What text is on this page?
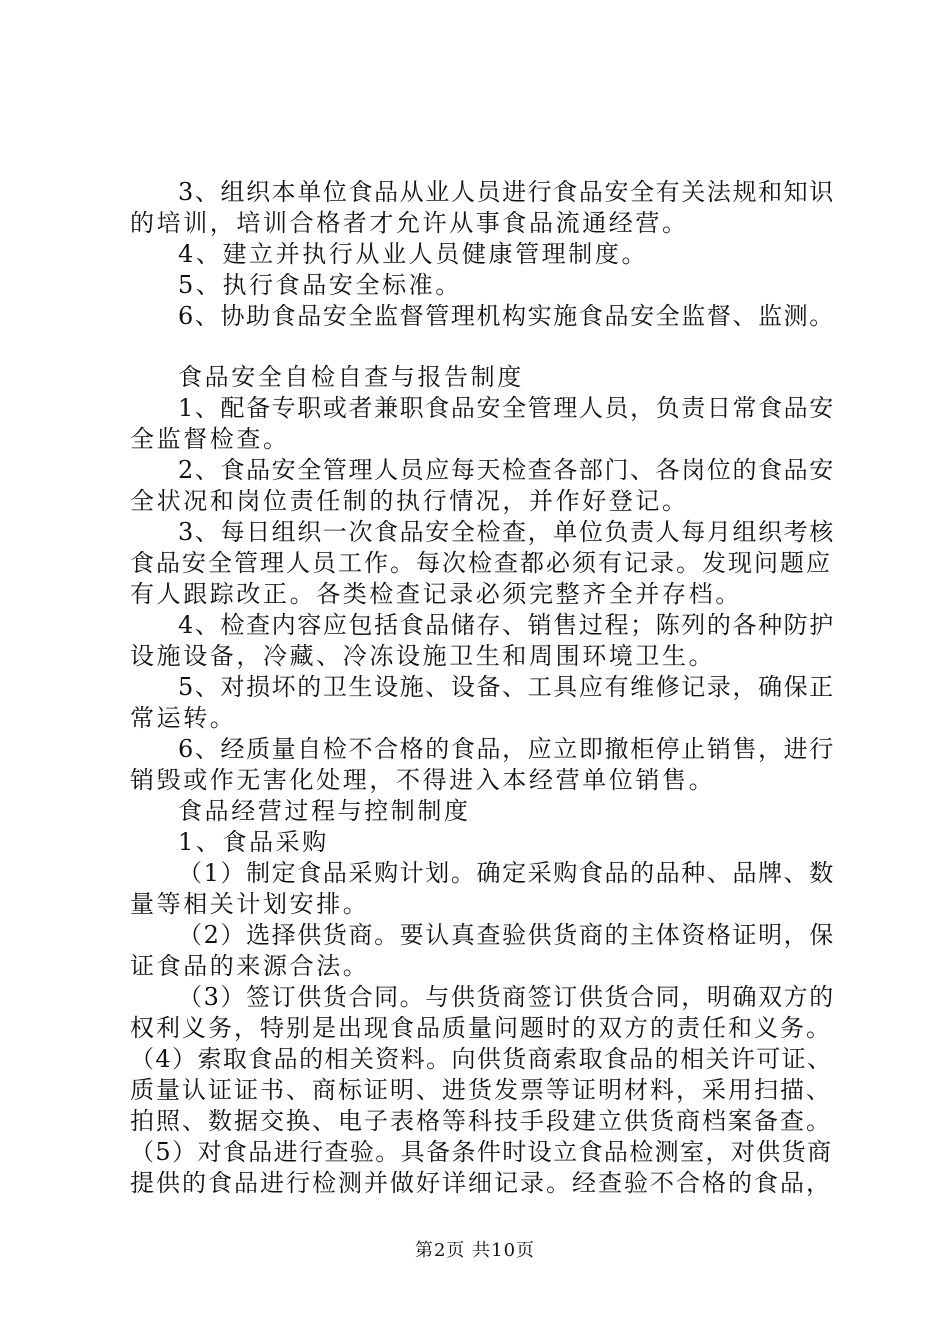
3、组织本单位食品从业人员进行食品安全有关法规和知识
的培训，培训合格者才允许从事食品流通经营。
4、建立并执行从业人员健康管理制度。
5、执行食品安全标准。
6、协助食品安全监督管理机构实施食品安全监督、监测。
食品安全自检自查与报告制度
1、配备专职或者兼职食品安全管理人员，负责日常食品安
全监督检查。
2、食品安全管理人员应每天检查各部门、各岗位的食品安
全状况和岗位责任制的执行情况，并作好登记。
3、每日组织一次食品安全检查，单位负责人每月组织考核
食品安全管理人员工作。每次检查都必须有记录。发现问题应
有人跟踪改正。各类检查记录必须完整齐全并存档。
4、检查内容应包括食品储存、销售过程；陈列的各种防护
设施设备，冷藏、冷冻设施卫生和周围环境卫生。
5、对损坏的卫生设施、设备、工具应有维修记录，确保正
常运转。
6、经质量自检不合格的食品，应立即撤柜停止销售，进行
销毁或作无害化处理，不得进入本经营单位销售。
食品经营过程与控制制度
1、食品采购
（1）制定食品采购计划。确定采购食品的品种、品牌、数
量等相关计划安排。
（2）选择供货商。要认真查验供货商的主体资格证明，保
证食品的来源合法。
（3）签订供货合同。与供货商签订供货合同，明确双方的
权利义务，特别是出现食品质量问题时的双方的责任和义务。
（4）索取食品的相关资料。向供货商索取食品的相关许可证、
质量认证证书、商标证明、进货发票等证明材料，采用扫描、
拍照、数据交换、电子表格等科技手段建立供货商档案备查。
（5）对食品进行查验。具备条件时设立食品检测室，对供货商
提供的食品进行检测并做好详细记录。经查验不合格的食品，
第2页 共10页
